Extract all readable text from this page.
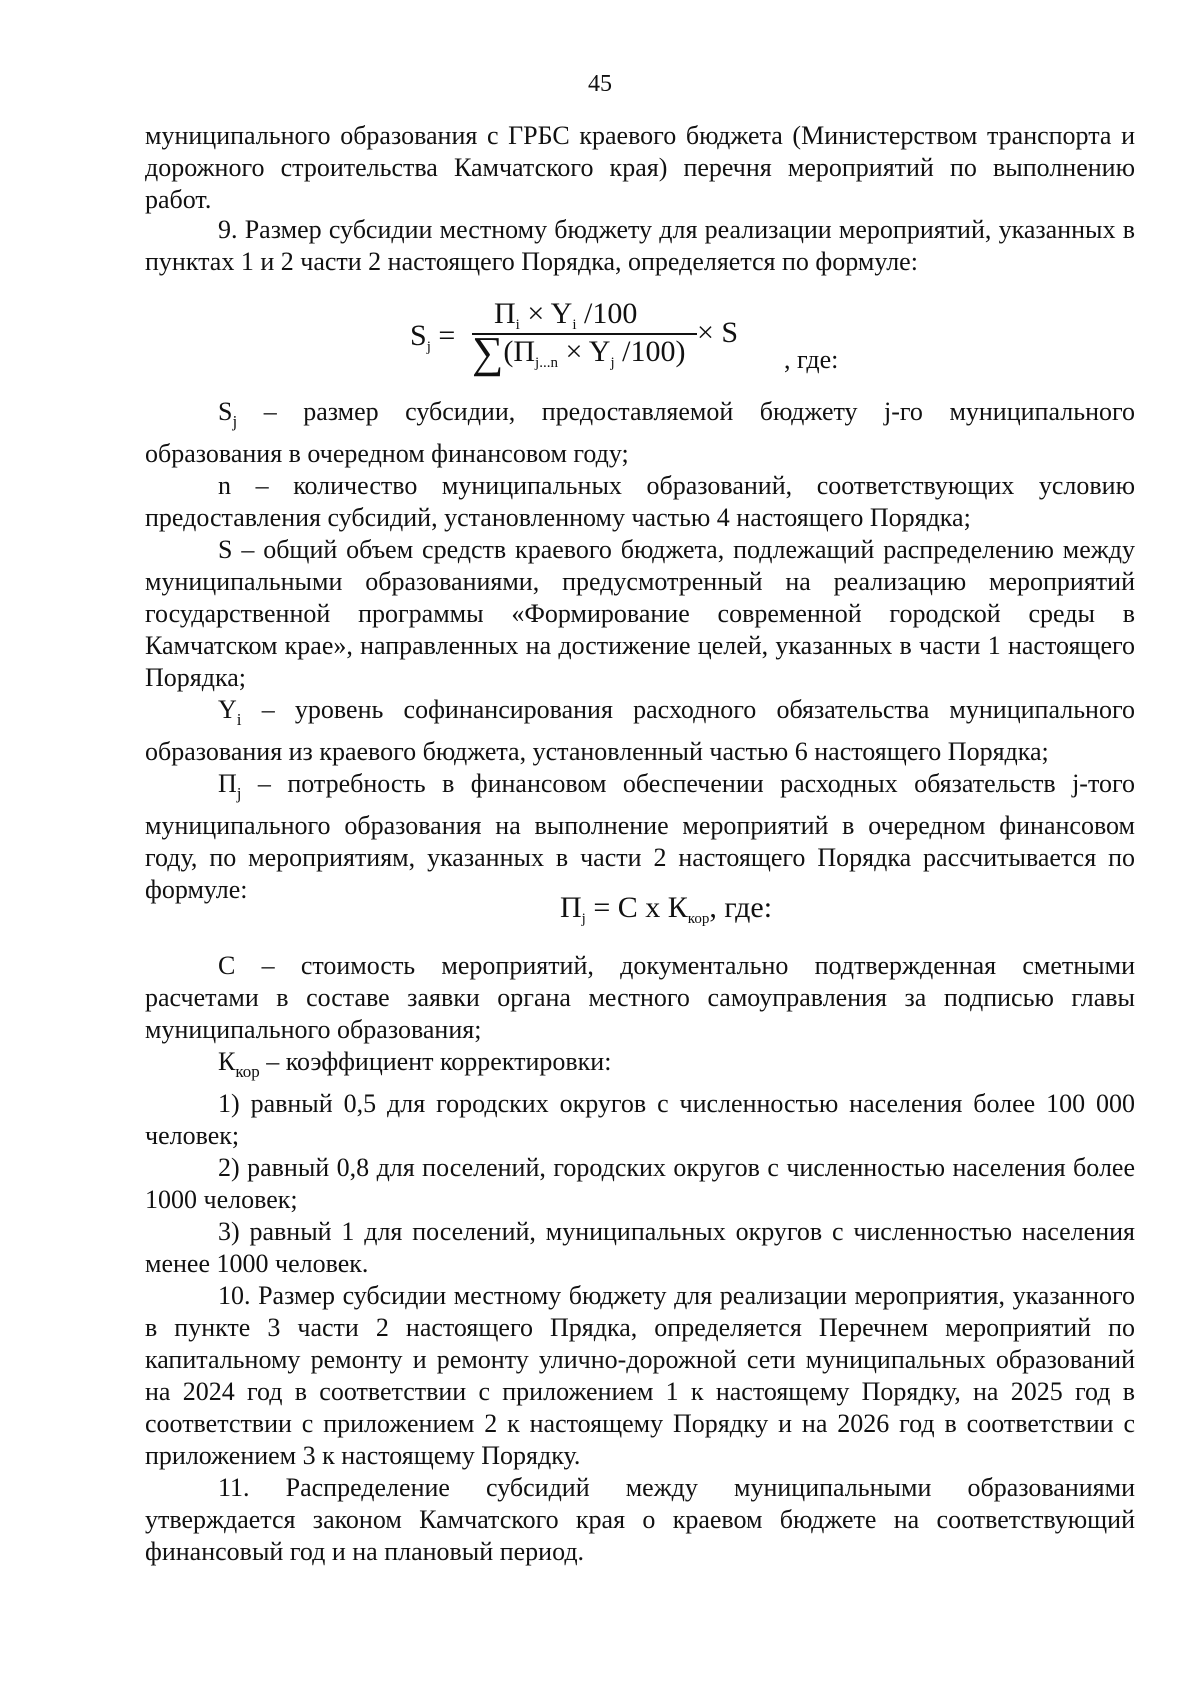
45

муниципального образования с ГРБС краевого бюджета (Министерством транспорта и дорожного строительства Камчатского края) перечня мероприятий по выполнению работ.

9. Размер субсидии местному бюджету для реализации мероприятий, указанных в пунктах 1 и 2 части 2 настоящего Порядка, определяется по формуле:

$S_j$ =
$П_i \times Y_i$ /100
$\sum(П_{j...n} \times Y_j$ /100)
× S
, где:

$S_j$ – размер субсидии, предоставляемой бюджету j-го муниципального образования в очередном финансовом году;

n – количество муниципальных образований, соответствующих условию предоставления субсидий, установленному частью 4 настоящего Порядка;

S – общий объем средств краевого бюджета, подлежащий распределению между муниципальными образованиями, предусмотренный на реализацию мероприятий государственной программы «Формирование современной городской среды в Камчатском крае», направленных на достижение целей, указанных в части 1 настоящего Порядка;

$Y_i$ – уровень софинансирования расходного обязательства муниципального образования из краевого бюджета, установленный частью 6 настоящего Порядка;

$П_j$ – потребность в финансовом обеспечении расходных обязательств j-того муниципального образования на выполнение мероприятий в очередном финансовом году, по мероприятиям, указанных в части 2 настоящего Порядка рассчитывается по формуле:

$П_j = С$ х $К_{кор}$, где:

С – стоимость мероприятий, документально подтвержденная сметными расчетами в составе заявки органа местного самоуправления за подписью главы муниципального образования;

$К_{кор}$ – коэффициент корректировки:

1) равный 0,5 для городских округов с численностью населения более 100 000 человек;

2) равный 0,8 для поселений, городских округов с численностью населения более 1000 человек;

3) равный 1 для поселений, муниципальных округов с численностью населения менее 1000 человек.

10. Размер субсидии местному бюджету для реализации мероприятия, указанного в пункте 3 части 2 настоящего Прядка, определяется Перечнем мероприятий по капитальному ремонту и ремонту улично-дорожной сети муниципальных образований на 2024 год в соответствии с приложением 1 к настоящему Порядку, на 2025 год в соответствии с приложением 2 к настоящему Порядку и на 2026 год в соответствии с приложением 3 к настоящему Порядку.

11. Распределение субсидий между муниципальными образованиями утверждается законом Камчатского края о краевом бюджете на соответствующий финансовый год и на плановый период.
